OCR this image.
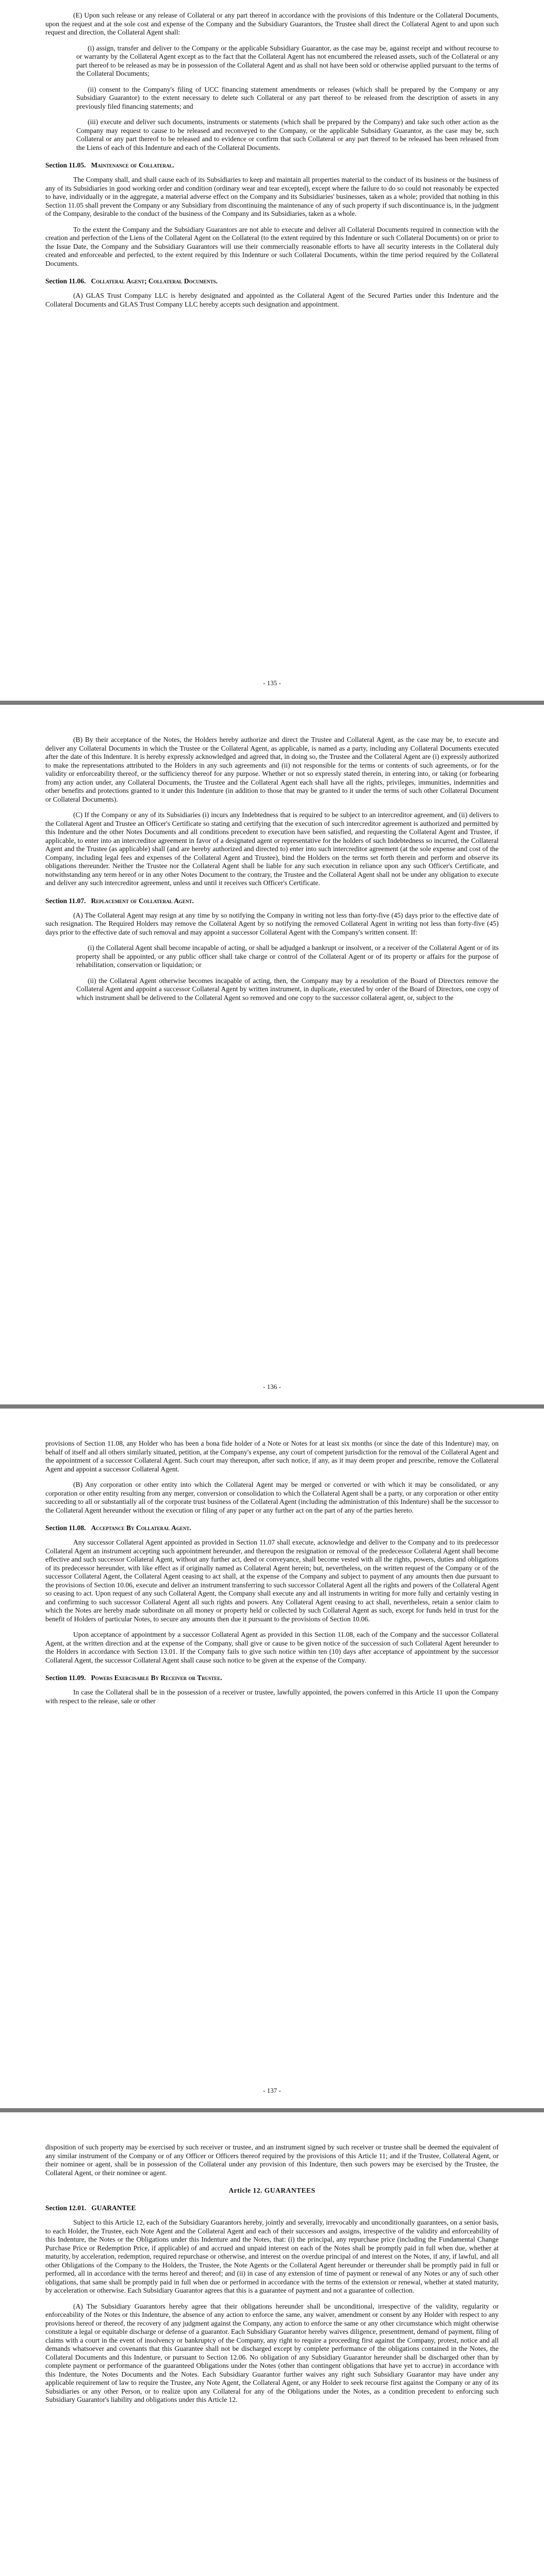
(E) Upon such release or any release of Collateral or any part thereof in accordance with the provisions of this Indenture or the Collateral Documents, upon the request and at the sole cost and expense of the Company and the Subsidiary Guarantors, the Trustee shall direct the Collateral Agent to and upon such request and direction, the Collateral Agent shall:

(i) assign, transfer and deliver to the Company or the applicable Subsidiary Guarantor, as the case may be, against receipt and without recourse to or warranty by the Collateral Agent except as to the fact that the Collateral Agent has not encumbered the released assets, such of the Collateral or any part thereof to be released as may be in possession of the Collateral Agent and as shall not have been sold or otherwise applied pursuant to the terms of the Collateral Documents;

(ii) consent to the Company's filing of UCC financing statement amendments or releases (which shall be prepared by the Company or any Subsidiary Guarantor) to the extent necessary to delete such Collateral or any part thereof to be released from the description of assets in any previously filed financing statements; and

(iii) execute and deliver such documents, instruments or statements (which shall be prepared by the Company) and take such other action as the Company may request to cause to be released and reconveyed to the Company, or the applicable Subsidiary Guarantor, as the case may be, such Collateral or any part thereof to be released and to evidence or confirm that such Collateral or any part thereof to be released has been released from the Liens of each of this Indenture and each of the Collateral Documents.

Section 11.05. Maintenance of Collateral.

The Company shall, and shall cause each of its Subsidiaries to keep and maintain all properties material to the conduct of its business or the business of any of its Subsidiaries in good working order and condition (ordinary wear and tear excepted), except where the failure to do so could not reasonably be expected to have, individually or in the aggregate, a material adverse effect on the Company and its Subsidiaries' businesses, taken as a whole; provided that nothing in this Section 11.05 shall prevent the Company or any Subsidiary from discontinuing the maintenance of any of such property if such discontinuance is, in the judgment of the Company, desirable to the conduct of the business of the Company and its Subsidiaries, taken as a whole.

To the extent the Company and the Subsidiary Guarantors are not able to execute and deliver all Collateral Documents required in connection with the creation and perfection of the Liens of the Collateral Agent on the Collateral (to the extent required by this Indenture or such Collateral Documents) on or prior to the Issue Date, the Company and the Subsidiary Guarantors will use their commercially reasonable efforts to have all security interests in the Collateral duly created and enforceable and perfected, to the extent required by this Indenture or such Collateral Documents, within the time period required by the Collateral Documents.

Section 11.06. Collateral Agent; Collateral Documents.

(A) GLAS Trust Company LLC is hereby designated and appointed as the Collateral Agent of the Secured Parties under this Indenture and the Collateral Documents and GLAS Trust Company LLC hereby accepts such designation and appointment.

- 135 -

(B) By their acceptance of the Notes, the Holders hereby authorize and direct the Trustee and Collateral Agent, as the case may be, to execute and deliver any Collateral Documents in which the Trustee or the Collateral Agent, as applicable, is named as a party, including any Collateral Documents executed after the date of this Indenture. It is hereby expressly acknowledged and agreed that, in doing so, the Trustee and the Collateral Agent are (i) expressly authorized to make the representations attributed to the Holders in any such agreements and (ii) not responsible for the terms or contents of such agreements, or for the validity or enforceability thereof, or the sufficiency thereof for any purpose. Whether or not so expressly stated therein, in entering into, or taking (or forbearing from) any action under, any Collateral Documents, the Trustee and the Collateral Agent each shall have all the rights, privileges, immunities, indemnities and other benefits and protections granted to it under this Indenture (in addition to those that may be granted to it under the terms of such other Collateral Document or Collateral Documents).

(C) If the Company or any of its Subsidiaries (i) incurs any Indebtedness that is required to be subject to an intercreditor agreement, and (ii) delivers to the Collateral Agent and Trustee an Officer's Certificate so stating and certifying that the execution of such intercreditor agreement is authorized and permitted by this Indenture and the other Notes Documents and all conditions precedent to execution have been satisfied, and requesting the Collateral Agent and Trustee, if applicable, to enter into an intercreditor agreement in favor of a designated agent or representative for the holders of such Indebtedness so incurred, the Collateral Agent and the Trustee (as applicable) shall (and are hereby authorized and directed to) enter into such intercreditor agreement (at the sole expense and cost of the Company, including legal fees and expenses of the Collateral Agent and Trustee), bind the Holders on the terms set forth therein and perform and observe its obligations thereunder. Neither the Trustee nor the Collateral Agent shall be liable for any such execution in reliance upon any such Officer's Certificate, and notwithstanding any term hereof or in any other Notes Document to the contrary, the Trustee and the Collateral Agent shall not be under any obligation to execute and deliver any such intercreditor agreement, unless and until it receives such Officer's Certificate.

Section 11.07. Replacement of Collateral Agent.

(A) The Collateral Agent may resign at any time by so notifying the Company in writing not less than forty-five (45) days prior to the effective date of such resignation. The Required Holders may remove the Collateral Agent by so notifying the removed Collateral Agent in writing not less than forty-five (45) days prior to the effective date of such removal and may appoint a successor Collateral Agent with the Company's written consent. If:

(i) the Collateral Agent shall become incapable of acting, or shall be adjudged a bankrupt or insolvent, or a receiver of the Collateral Agent or of its property shall be appointed, or any public officer shall take charge or control of the Collateral Agent or of its property or affairs for the purpose of rehabilitation, conservation or liquidation; or

(ii) the Collateral Agent otherwise becomes incapable of acting, then, the Company may by a resolution of the Board of Directors remove the Collateral Agent and appoint a successor Collateral Agent by written instrument, in duplicate, executed by order of the Board of Directors, one copy of which instrument shall be delivered to the Collateral Agent so removed and one copy to the successor collateral agent, or, subject to the

- 136 -

provisions of Section 11.08, any Holder who has been a bona fide holder of a Note or Notes for at least six months (or since the date of this Indenture) may, on behalf of itself and all others similarly situated, petition, at the Company's expense, any court of competent jurisdiction for the removal of the Collateral Agent and the appointment of a successor Collateral Agent. Such court may thereupon, after such notice, if any, as it may deem proper and prescribe, remove the Collateral Agent and appoint a successor Collateral Agent.

(B) Any corporation or other entity into which the Collateral Agent may be merged or converted or with which it may be consolidated, or any corporation or other entity resulting from any merger, conversion or consolidation to which the Collateral Agent shall be a party, or any corporation or other entity succeeding to all or substantially all of the corporate trust business of the Collateral Agent (including the administration of this Indenture) shall be the successor to the Collateral Agent hereunder without the execution or filing of any paper or any further act on the part of any of the parties hereto.

Section 11.08. Acceptance By Collateral Agent.

Any successor Collateral Agent appointed as provided in Section 11.07 shall execute, acknowledge and deliver to the Company and to its predecessor Collateral Agent an instrument accepting such appointment hereunder, and thereupon the resignation or removal of the predecessor Collateral Agent shall become effective and such successor Collateral Agent, without any further act, deed or conveyance, shall become vested with all the rights, powers, duties and obligations of its predecessor hereunder, with like effect as if originally named as Collateral Agent herein; but, nevertheless, on the written request of the Company or of the successor Collateral Agent, the Collateral Agent ceasing to act shall, at the expense of the Company and subject to payment of any amounts then due pursuant to the provisions of Section 10.06, execute and deliver an instrument transferring to such successor Collateral Agent all the rights and powers of the Collateral Agent so ceasing to act. Upon request of any such Collateral Agent, the Company shall execute any and all instruments in writing for more fully and certainly vesting in and confirming to such successor Collateral Agent all such rights and powers. Any Collateral Agent ceasing to act shall, nevertheless, retain a senior claim to which the Notes are hereby made subordinate on all money or property held or collected by such Collateral Agent as such, except for funds held in trust for the benefit of Holders of particular Notes, to secure any amounts then due it pursuant to the provisions of Section 10.06.

Upon acceptance of appointment by a successor Collateral Agent as provided in this Section 11.08, each of the Company and the successor Collateral Agent, at the written direction and at the expense of the Company, shall give or cause to be given notice of the succession of such Collateral Agent hereunder to the Holders in accordance with Section 13.01. If the Company fails to give such notice within ten (10) days after acceptance of appointment by the successor Collateral Agent, the successor Collateral Agent shall cause such notice to be given at the expense of the Company.

Section 11.09. Powers Exercisable By Receiver or Trustee.

In case the Collateral shall be in the possession of a receiver or trustee, lawfully appointed, the powers conferred in this Article 11 upon the Company with respect to the release, sale or other

- 137 -

disposition of such property may be exercised by such receiver or trustee, and an instrument signed by such receiver or trustee shall be deemed the equivalent of any similar instrument of the Company or of any Officer or Officers thereof required by the provisions of this Article 11; and if the Trustee, Collateral Agent, or their nominee or agent, shall be in possession of the Collateral under any provision of this Indenture, then such powers may be exercised by the Trustee, the Collateral Agent, or their nominee or agent.

Article 12. GUARANTEES
Section 12.01. GUARANTEE

Subject to this Article 12, each of the Subsidiary Guarantors hereby, jointly and severally, irrevocably and unconditionally guarantees, on a senior basis, to each Holder, the Trustee, each Note Agent and the Collateral Agent and each of their successors and assigns, irrespective of the validity and enforceability of this Indenture, the Notes or the Obligations under this Indenture and the Notes, that: (i) the principal, any repurchase price (including the Fundamental Change Purchase Price or Redemption Price, if applicable) of and accrued and unpaid interest on each of the Notes shall be promptly paid in full when due, whether at maturity, by acceleration, redemption, required repurchase or otherwise, and interest on the overdue principal of and interest on the Notes, if any, if lawful, and all other Obligations of the Company to the Holders, the Trustee, the Note Agents or the Collateral Agent hereunder or thereunder shall be promptly paid in full or performed, all in accordance with the terms hereof and thereof; and (ii) in case of any extension of time of payment or renewal of any Notes or any of such other obligations, that same shall be promptly paid in full when due or performed in accordance with the terms of the extension or renewal, whether at stated maturity, by acceleration or otherwise. Each Subsidiary Guarantor agrees that this is a guarantee of payment and not a guarantee of collection.

(A) The Subsidiary Guarantors hereby agree that their obligations hereunder shall be unconditional, irrespective of the validity, regularity or enforceability of the Notes or this Indenture, the absence of any action to enforce the same, any waiver, amendment or consent by any Holder with respect to any provisions hereof or thereof, the recovery of any judgment against the Company, any action to enforce the same or any other circumstance which might otherwise constitute a legal or equitable discharge or defense of a guarantor. Each Subsidiary Guarantor hereby waives diligence, presentment, demand of payment, filing of claims with a court in the event of insolvency or bankruptcy of the Company, any right to require a proceeding first against the Company, protest, notice and all demands whatsoever and covenants that this Guarantee shall not be discharged except by complete performance of the obligations contained in the Notes, the Collateral Documents and this Indenture, or pursuant to Section 12.06. No obligation of any Subsidiary Guarantor hereunder shall be discharged other than by complete payment or performance of the guaranteed Obligations under the Notes (other than contingent obligations that have yet to accrue) in accordance with this Indenture, the Notes Documents and the Notes. Each Subsidiary Guarantor further waives any right such Subsidiary Guarantor may have under any applicable requirement of law to require the Trustee, any Note Agent, the Collateral Agent, or any Holder to seek recourse first against the Company or any of its Subsidiaries or any other Person, or to realize upon any Collateral for any of the Obligations under the Notes, as a condition precedent to enforcing such Subsidiary Guarantor's liability and obligations under this Article 12.
